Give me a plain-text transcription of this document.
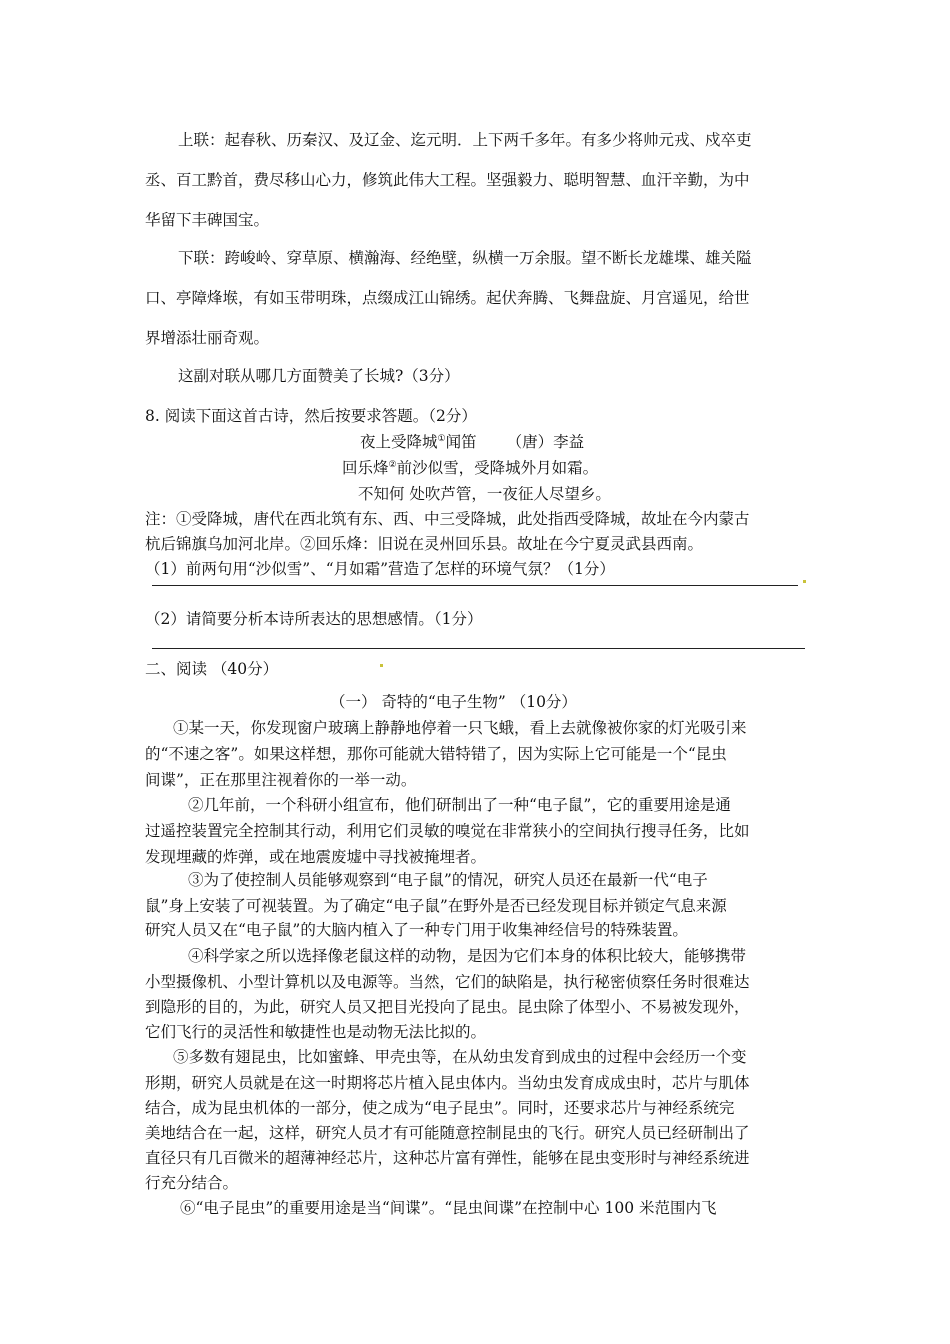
上联：起春秋、历秦汉、及辽金、迄元明．上下两千多年。有多少将帅元戎、戍卒吏
丞、百工黔首，费尽移山心力，修筑此伟大工程。坚强毅力、聪明智慧、血汗辛勤，为中
华留下丰碑国宝。
下联：跨峻岭、穿草原、横瀚海、经绝壁，纵横一万余服。望不断长龙雄堞、雄关隘
口、亭障烽堠，有如玉带明珠，点缀成江山锦绣。起伏奔腾、飞舞盘旋、月宫遥见，给世
界增添壮丽奇观。
这副对联从哪几方面赞美了长城?（3分）
8. 阅读下面这首古诗，然后按要求答题。（2分）
夜上受降城①闻笛 （唐）李益
回乐烽②前沙似雪，受降城外月如霜。
不知何 处吹芦管，一夜征人尽望乡。
注：①受降城，唐代在西北筑有东、西、中三受降城，此处指西受降城，故址在今内蒙古
杭后锦旗乌加河北岸。②回乐烽：旧说在灵州回乐县。故址在今宁夏灵武县西南。
（1）前两句用“沙似雪”、“月如霜”营造了怎样的环境气氛？（1分）
（2）请简要分析本诗所表达的思想感情。（1分）
二、阅读 （40分）
（一） 奇特的“电子生物” （10分）
①某一天，你发现窗户玻璃上静静地停着一只飞蛾，看上去就像被你家的灯光吸引来
的“不速之客”。如果这样想，那你可能就大错特错了，因为实际上它可能是一个“昆虫
间谍”，正在那里注视着你的一举一动。
②几年前，一个科研小组宣布，他们研制出了一种“电子鼠”，它的重要用途是通
过遥控装置完全控制其行动，利用它们灵敏的嗅觉在非常狭小的空间执行搜寻任务，比如
发现埋藏的炸弹，或在地震废墟中寻找被掩埋者。
③为了使控制人员能够观察到“电子鼠”的情况，研究人员还在最新一代“电子
鼠”身上安装了可视装置。为了确定“电子鼠”在野外是否已经发现目标并锁定气息来源
研究人员又在“电子鼠”的大脑内植入了一种专门用于收集神经信号的特殊装置。
④科学家之所以选择像老鼠这样的动物，是因为它们本身的体积比较大，能够携带
小型摄像机、小型计算机以及电源等。当然，它们的缺陷是，执行秘密侦察任务时很难达
到隐形的目的，为此，研究人员又把目光投向了昆虫。昆虫除了体型小、不易被发现外，
它们飞行的灵活性和敏捷性也是动物无法比拟的。
⑤多数有翅昆虫，比如蜜蜂、甲壳虫等，在从幼虫发育到成虫的过程中会经历一个变
形期，研究人员就是在这一时期将芯片植入昆虫体内。当幼虫发育成成虫时，芯片与肌体
结合，成为昆虫机体的一部分，使之成为“电子昆虫”。同时，还要求芯片与神经系统完
美地结合在一起，这样，研究人员才有可能随意控制昆虫的飞行。研究人员已经研制出了
直径只有几百微米的超薄神经芯片，这种芯片富有弹性，能够在昆虫变形时与神经系统进
行充分结合。
⑥“电子昆虫”的重要用途是当“间谍”。“昆虫间谍”在控制中心 100 米范围内飞
